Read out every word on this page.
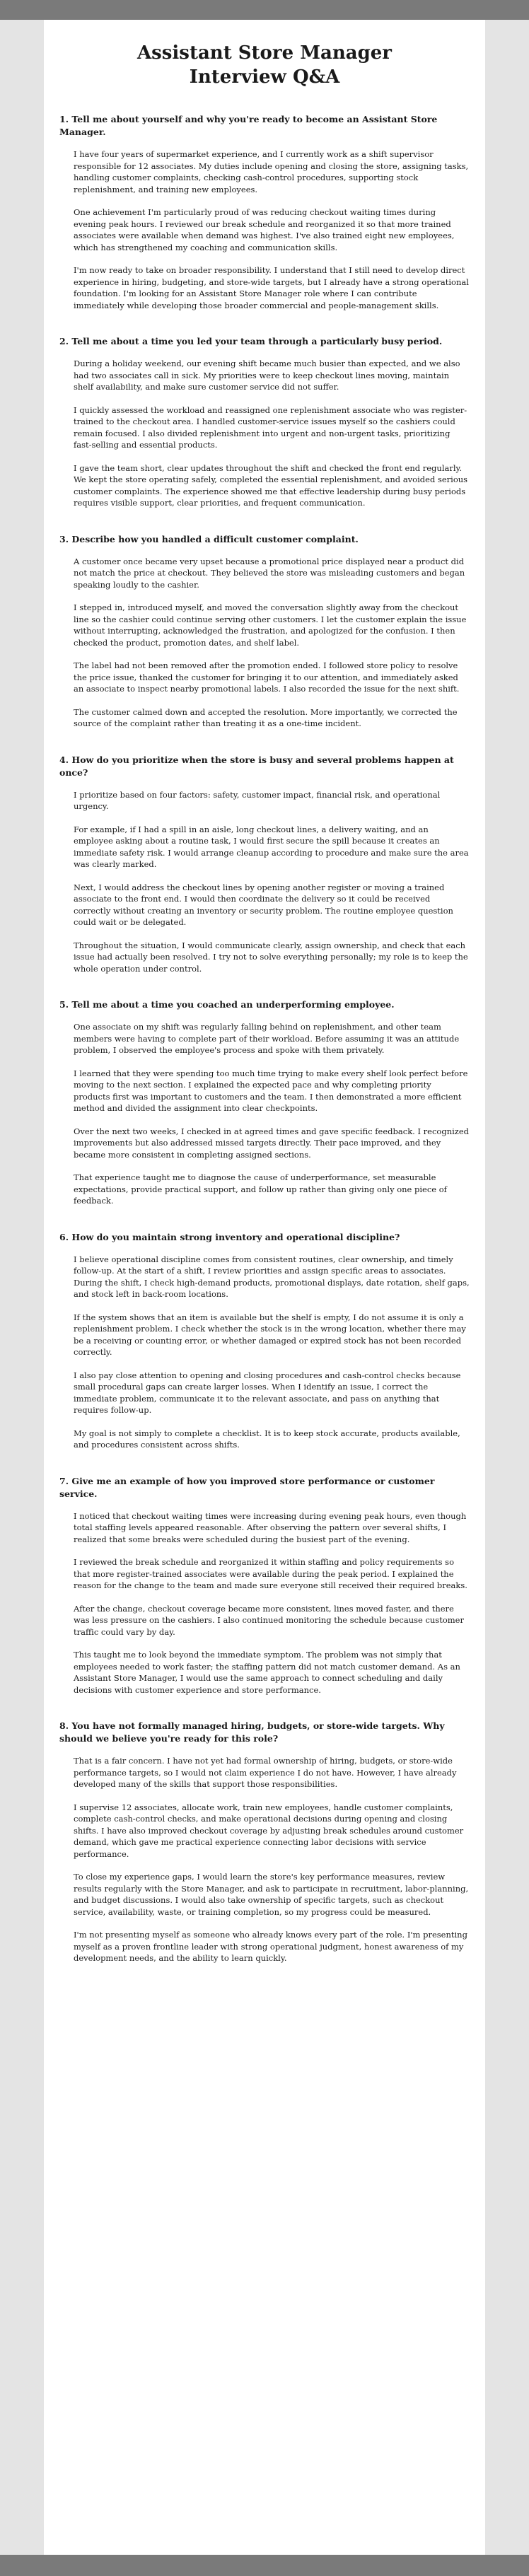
Assistant Store Manager Interview Q&A
1. Tell me about yourself and why you're ready to become an Assistant Store Manager.

I have four years of supermarket experience, and I currently work as a shift supervisor responsible for 12 associates. My duties include opening and closing the store, assigning tasks, handling customer complaints, checking cash-control procedures, supporting stock replenishment, and training new employees.

One achievement I'm particularly proud of was reducing checkout waiting times during evening peak hours. I reviewed our break schedule and reorganized it so that more trained associates were available when demand was highest. I've also trained eight new employees, which has strengthened my coaching and communication skills.

I'm now ready to take on broader responsibility. I understand that I still need to develop direct experience in hiring, budgeting, and store-wide targets, but I already have a strong operational foundation. I'm looking for an Assistant Store Manager role where I can contribute immediately while developing those broader commercial and people-management skills.

2. Tell me about a time you led your team through a particularly busy period.

During a holiday weekend, our evening shift became much busier than expected, and we also had two associates call in sick. My priorities were to keep checkout lines moving, maintain shelf availability, and make sure customer service did not suffer.

I quickly assessed the workload and reassigned one replenishment associate who was register-trained to the checkout area. I handled customer-service issues myself so the cashiers could remain focused. I also divided replenishment into urgent and non-urgent tasks, prioritizing fast-selling and essential products.

I gave the team short, clear updates throughout the shift and checked the front end regularly. We kept the store operating safely, completed the essential replenishment, and avoided serious customer complaints. The experience showed me that effective leadership during busy periods requires visible support, clear priorities, and frequent communication.

3. Describe how you handled a difficult customer complaint.

A customer once became very upset because a promotional price displayed near a product did not match the price at checkout. They believed the store was misleading customers and began speaking loudly to the cashier.

I stepped in, introduced myself, and moved the conversation slightly away from the checkout line so the cashier could continue serving other customers. I let the customer explain the issue without interrupting, acknowledged the frustration, and apologized for the confusion. I then checked the product, promotion dates, and shelf label.

The label had not been removed after the promotion ended. I followed store policy to resolve the price issue, thanked the customer for bringing it to our attention, and immediately asked an associate to inspect nearby promotional labels. I also recorded the issue for the next shift.

The customer calmed down and accepted the resolution. More importantly, we corrected the source of the complaint rather than treating it as a one-time incident.

4. How do you prioritize when the store is busy and several problems happen at once?

I prioritize based on four factors: safety, customer impact, financial risk, and operational urgency.

For example, if I had a spill in an aisle, long checkout lines, a delivery waiting, and an employee asking about a routine task, I would first secure the spill because it creates an immediate safety risk. I would arrange cleanup according to procedure and make sure the area was clearly marked.

Next, I would address the checkout lines by opening another register or moving a trained associate to the front end. I would then coordinate the delivery so it could be received correctly without creating an inventory or security problem. The routine employee question could wait or be delegated.

Throughout the situation, I would communicate clearly, assign ownership, and check that each issue had actually been resolved. I try not to solve everything personally; my role is to keep the whole operation under control.

5. Tell me about a time you coached an underperforming employee.

One associate on my shift was regularly falling behind on replenishment, and other team members were having to complete part of their workload. Before assuming it was an attitude problem, I observed the employee's process and spoke with them privately.

I learned that they were spending too much time trying to make every shelf look perfect before moving to the next section. I explained the expected pace and why completing priority products first was important to customers and the team. I then demonstrated a more efficient method and divided the assignment into clear checkpoints.

Over the next two weeks, I checked in at agreed times and gave specific feedback. I recognized improvements but also addressed missed targets directly. Their pace improved, and they became more consistent in completing assigned sections.

That experience taught me to diagnose the cause of underperformance, set measurable expectations, provide practical support, and follow up rather than giving only one piece of feedback.

6. How do you maintain strong inventory and operational discipline?

I believe operational discipline comes from consistent routines, clear ownership, and timely follow-up. At the start of a shift, I review priorities and assign specific areas to associates. During the shift, I check high-demand products, promotional displays, date rotation, shelf gaps, and stock left in back-room locations.

If the system shows that an item is available but the shelf is empty, I do not assume it is only a replenishment problem. I check whether the stock is in the wrong location, whether there may be a receiving or counting error, or whether damaged or expired stock has not been recorded correctly.

I also pay close attention to opening and closing procedures and cash-control checks because small procedural gaps can create larger losses. When I identify an issue, I correct the immediate problem, communicate it to the relevant associate, and pass on anything that requires follow-up.

My goal is not simply to complete a checklist. It is to keep stock accurate, products available, and procedures consistent across shifts.

7. Give me an example of how you improved store performance or customer service.

I noticed that checkout waiting times were increasing during evening peak hours, even though total staffing levels appeared reasonable. After observing the pattern over several shifts, I realized that some breaks were scheduled during the busiest part of the evening.

I reviewed the break schedule and reorganized it within staffing and policy requirements so that more register-trained associates were available during the peak period. I explained the reason for the change to the team and made sure everyone still received their required breaks.

After the change, checkout coverage became more consistent, lines moved faster, and there was less pressure on the cashiers. I also continued monitoring the schedule because customer traffic could vary by day.

This taught me to look beyond the immediate symptom. The problem was not simply that employees needed to work faster; the staffing pattern did not match customer demand. As an Assistant Store Manager, I would use the same approach to connect scheduling and daily decisions with customer experience and store performance.

8. You have not formally managed hiring, budgets, or store-wide targets. Why should we believe you're ready for this role?

That is a fair concern. I have not yet had formal ownership of hiring, budgets, or store-wide performance targets, so I would not claim experience I do not have. However, I have already developed many of the skills that support those responsibilities.

I supervise 12 associates, allocate work, train new employees, handle customer complaints, complete cash-control checks, and make operational decisions during opening and closing shifts. I have also improved checkout coverage by adjusting break schedules around customer demand, which gave me practical experience connecting labor decisions with service performance.

To close my experience gaps, I would learn the store's key performance measures, review results regularly with the Store Manager, and ask to participate in recruitment, labor-planning, and budget discussions. I would also take ownership of specific targets, such as checkout service, availability, waste, or training completion, so my progress could be measured.

I'm not presenting myself as someone who already knows every part of the role. I'm presenting myself as a proven frontline leader with strong operational judgment, honest awareness of my development needs, and the ability to learn quickly.
